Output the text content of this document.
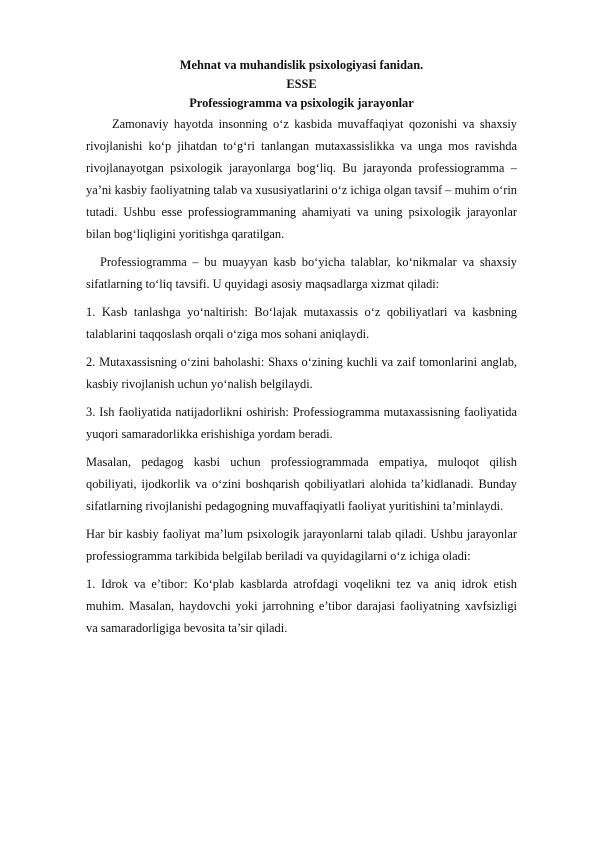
Mehnat va muhandislik psixologiyasi fanidan.

ESSE

Professiogramma va psixologik jarayonlar

Zamonaviy hayotda insonning o‘z kasbida muvaffaqiyat qozonishi va shaxsiy rivojlanishi ko‘p jihatdan to‘g‘ri tanlangan mutaxassislikka va unga mos ravishda rivojlanayotgan psixologik jarayonlarga bog‘liq. Bu jarayonda professiogramma – ya’ni kasbiy faoliyatning talab va xususiyatlarini o‘z ichiga olgan tavsif – muhim o‘rin tutadi. Ushbu esse professiogrammaning ahamiyati va uning psixologik jarayonlar bilan bog‘liqligini yoritishga qaratilgan.

Professiogramma – bu muayyan kasb bo‘yicha talablar, ko‘nikmalar va shaxsiy sifatlarning to‘liq tavsifi. U quyidagi asosiy maqsadlarga xizmat qiladi:

1. Kasb tanlashga yo‘naltirish: Bo‘lajak mutaxassis o‘z qobiliyatlari va kasbning talablarini taqqoslash orqali o‘ziga mos sohani aniqlaydi.

2. Mutaxassisning o‘zini baholashi: Shaxs o‘zining kuchli va zaif tomonlarini anglab, kasbiy rivojlanish uchun yo‘nalish belgilaydi.

3. Ish faoliyatida natijadorlikni oshirish: Professiogramma mutaxassisning faoliyatida yuqori samaradorlikka erishishiga yordam beradi.

Masalan, pedagog kasbi uchun professiogrammada empatiya, muloqot qilish qobiliyati, ijodkorlik va o‘zini boshqarish qobiliyatlari alohida ta’kidlanadi. Bunday sifatlarning rivojlanishi pedagogning muvaffaqiyatli faoliyat yuritishini ta’minlaydi.

Har bir kasbiy faoliyat ma’lum psixologik jarayonlarni talab qiladi. Ushbu jarayonlar professiogramma tarkibida belgilab beriladi va quyidagilarni o‘z ichiga oladi:

1. Idrok va e’tibor: Ko‘plab kasblarda atrofdagi voqelikni tez va aniq idrok etish muhim. Masalan, haydovchi yoki jarrohning e’tibor darajasi faoliyatning xavfsizligi va samaradorligiga bevosita ta’sir qiladi.
